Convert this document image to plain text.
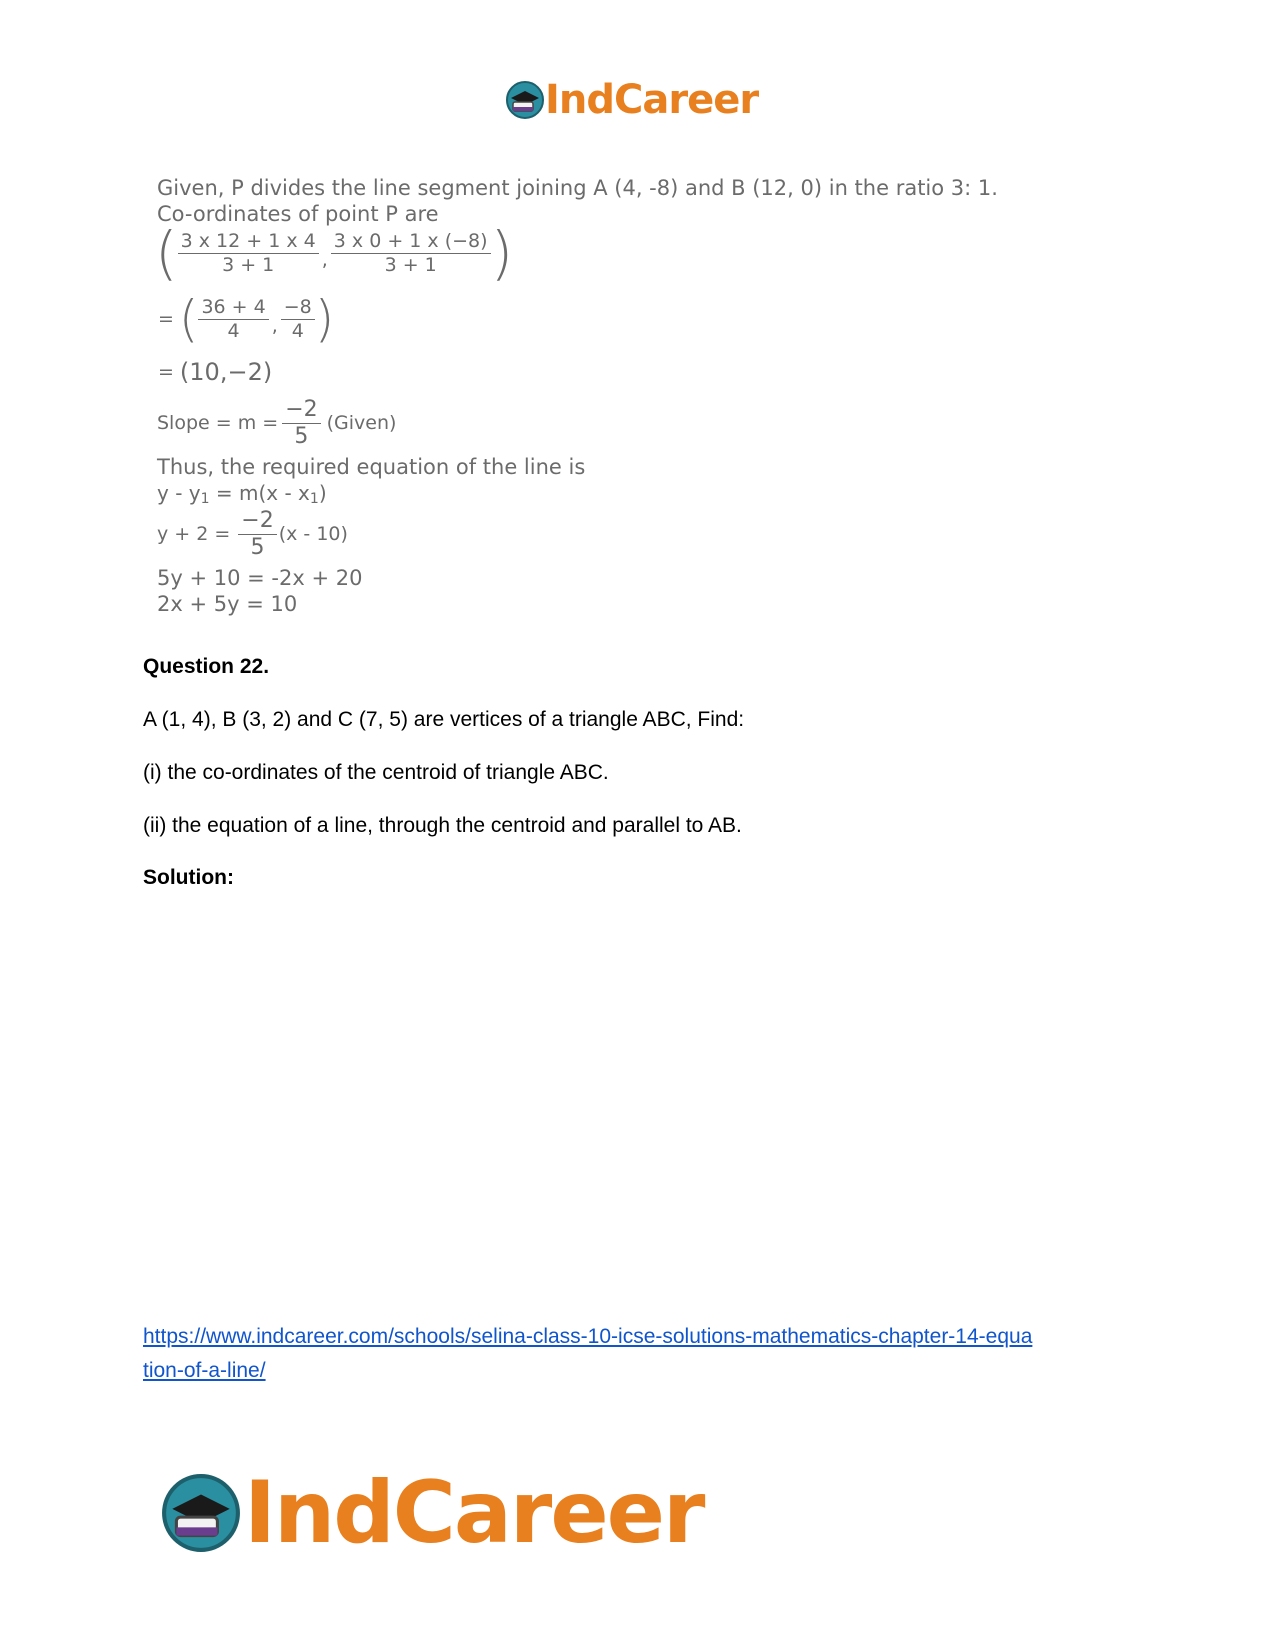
IndCareer
Given, P divides the line segment joining A (4, -8) and B (12, 0) in the ratio 3: 1.
Co-ordinates of point P are
( $\frac{3 x 12 + 1 x 4}{3 + 1}$ , $\frac{3 x 0 + 1 x (-8)}{3 + 1}$ )
= ( $\frac{36 + 4}{4}$ , $\frac{-8}{4}$ )
= (10,−2)
Slope = $m = \frac{-2}{5}$ (Given)
Thus, the required equation of the line is
$y - y_1 = m(x - x_1)$
$y + 2 = \frac{-2}{5} (x - 10)$
5y + 10 = -2x + 20
2x + 5y = 10
Question 22.
A (1, 4), B (3, 2) and C (7, 5) are vertices of a triangle ABC, Find:
(i) the co-ordinates of the centroid of triangle ABC.
(ii) the equation of a line, through the centroid and parallel to AB.
Solution:
https://www.indcareer.com/schools/selina-class-10-icse-solutions-mathematics-chapter-14-equa
tion-of-a-line/
IndCareer
